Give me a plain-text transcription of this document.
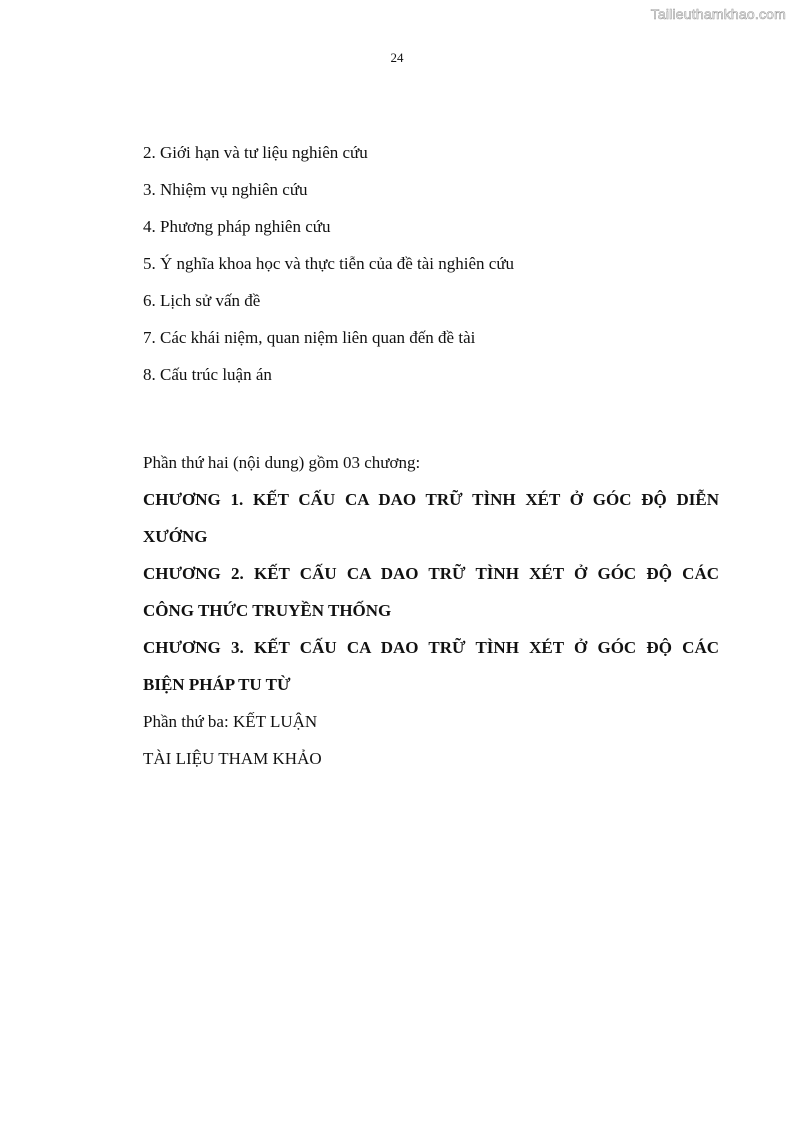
Tailieuthamkhao.com
24
2. Giới hạn và tư liệu nghiên cứu
3. Nhiệm vụ nghiên cứu
4. Phương pháp nghiên cứu
5. Ý nghĩa khoa học và thực tiễn của đề tài nghiên cứu
6. Lịch sử vấn đề
7. Các khái niệm, quan niệm liên quan đến đề tài
8. Cấu trúc luận án
Phần thứ hai (nội dung) gồm 03 chương:
CHƯƠNG 1. KẾT CẤU CA DAO TRỮ TÌNH XÉT Ở GÓC ĐỘ DIỄN
XƯỚNG
CHƯƠNG 2. KẾT CẤU CA DAO TRỮ TÌNH XÉT Ở GÓC ĐỘ CÁC
CÔNG THỨC TRUYỀN THỐNG
CHƯƠNG 3. KẾT CẤU CA DAO TRỮ TÌNH XÉT Ở GÓC ĐỘ CÁC
BIỆN PHÁP TU TỪ
Phần thứ ba: KẾT LUẬN
TÀI LIỆU THAM KHẢO
